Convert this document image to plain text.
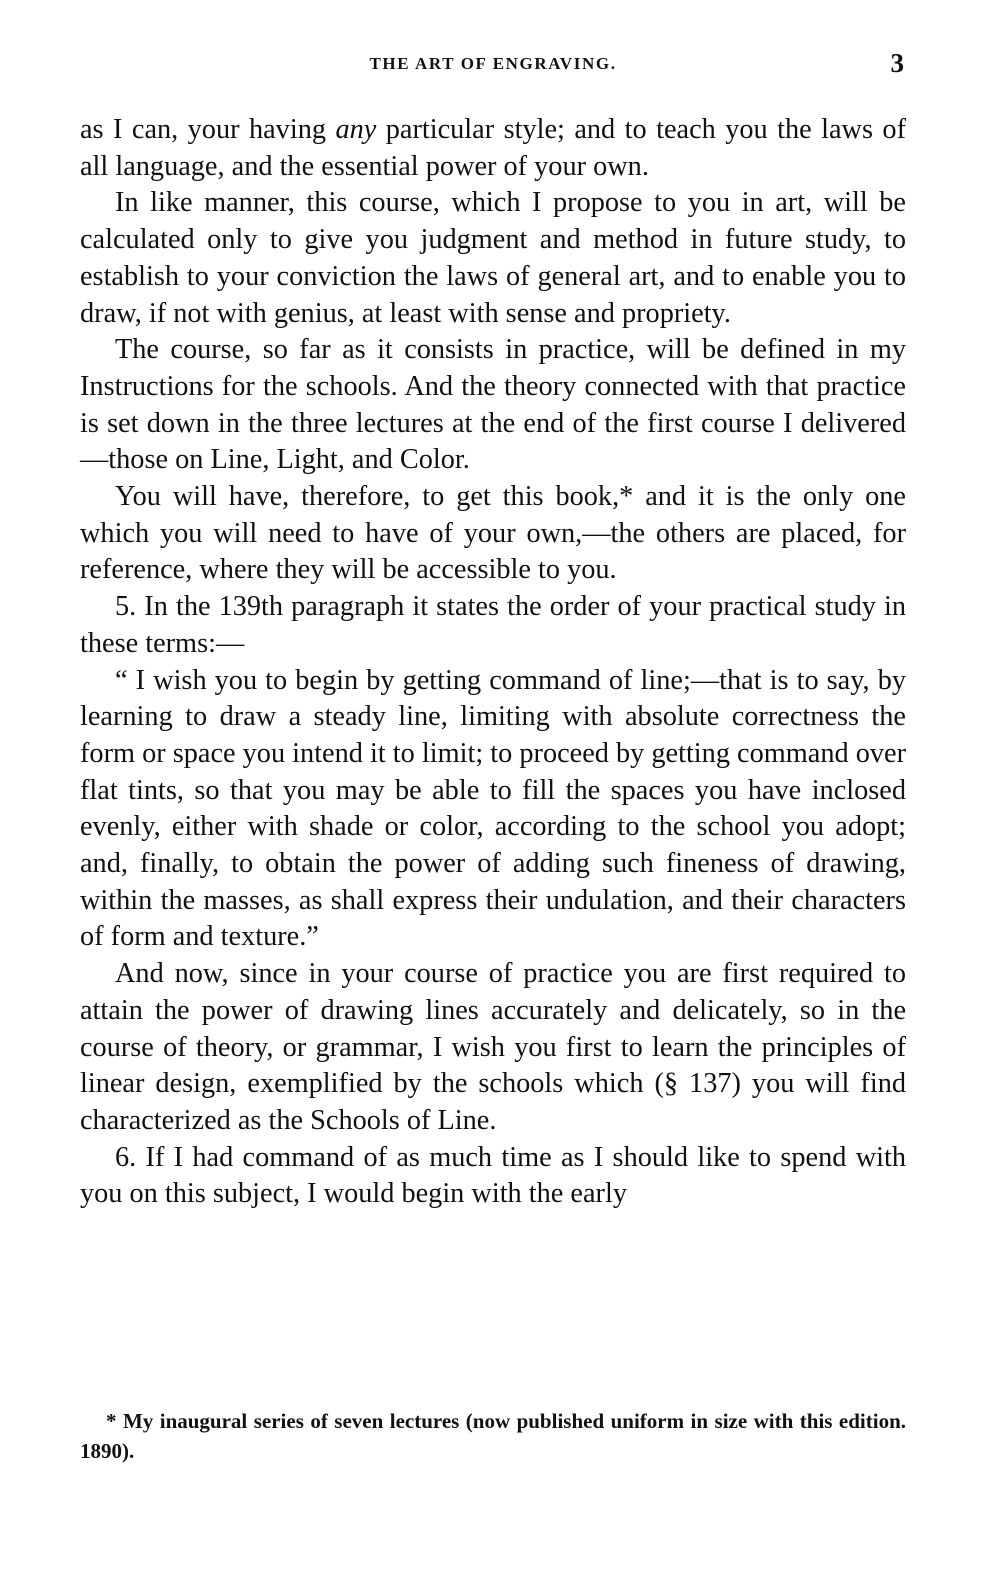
THE ART OF ENGRAVING.	3

as I can, your having any particular style; and to teach you the laws of all language, and the essential power of your own.

In like manner, this course, which I propose to you in art, will be calculated only to give you judgment and method in future study, to establish to your conviction the laws of general art, and to enable you to draw, if not with genius, at least with sense and propriety.

The course, so far as it consists in practice, will be defined in my Instructions for the schools. And the theory connected with that practice is set down in the three lectures at the end of the first course I delivered—those on Line, Light, and Color.

You will have, therefore, to get this book,* and it is the only one which you will need to have of your own,—the others are placed, for reference, where they will be accessible to you.

5. In the 139th paragraph it states the order of your practical study in these terms:—

“ I wish you to begin by getting command of line;—that is to say, by learning to draw a steady line, limiting with absolute correctness the form or space you intend it to limit; to proceed by getting command over flat tints, so that you may be able to fill the spaces you have inclosed evenly, either with shade or color, according to the school you adopt; and, finally, to obtain the power of adding such fineness of drawing, within the masses, as shall express their undulation, and their characters of form and texture.”

And now, since in your course of practice you are first required to attain the power of drawing lines accurately and delicately, so in the course of theory, or grammar, I wish you first to learn the principles of linear design, exemplified by the schools which (§ 137) you will find characterized as the Schools of Line.

6. If I had command of as much time as I should like to spend with you on this subject, I would begin with the early

* My inaugural series of seven lectures (now published uniform in size with this edition. 1890).
